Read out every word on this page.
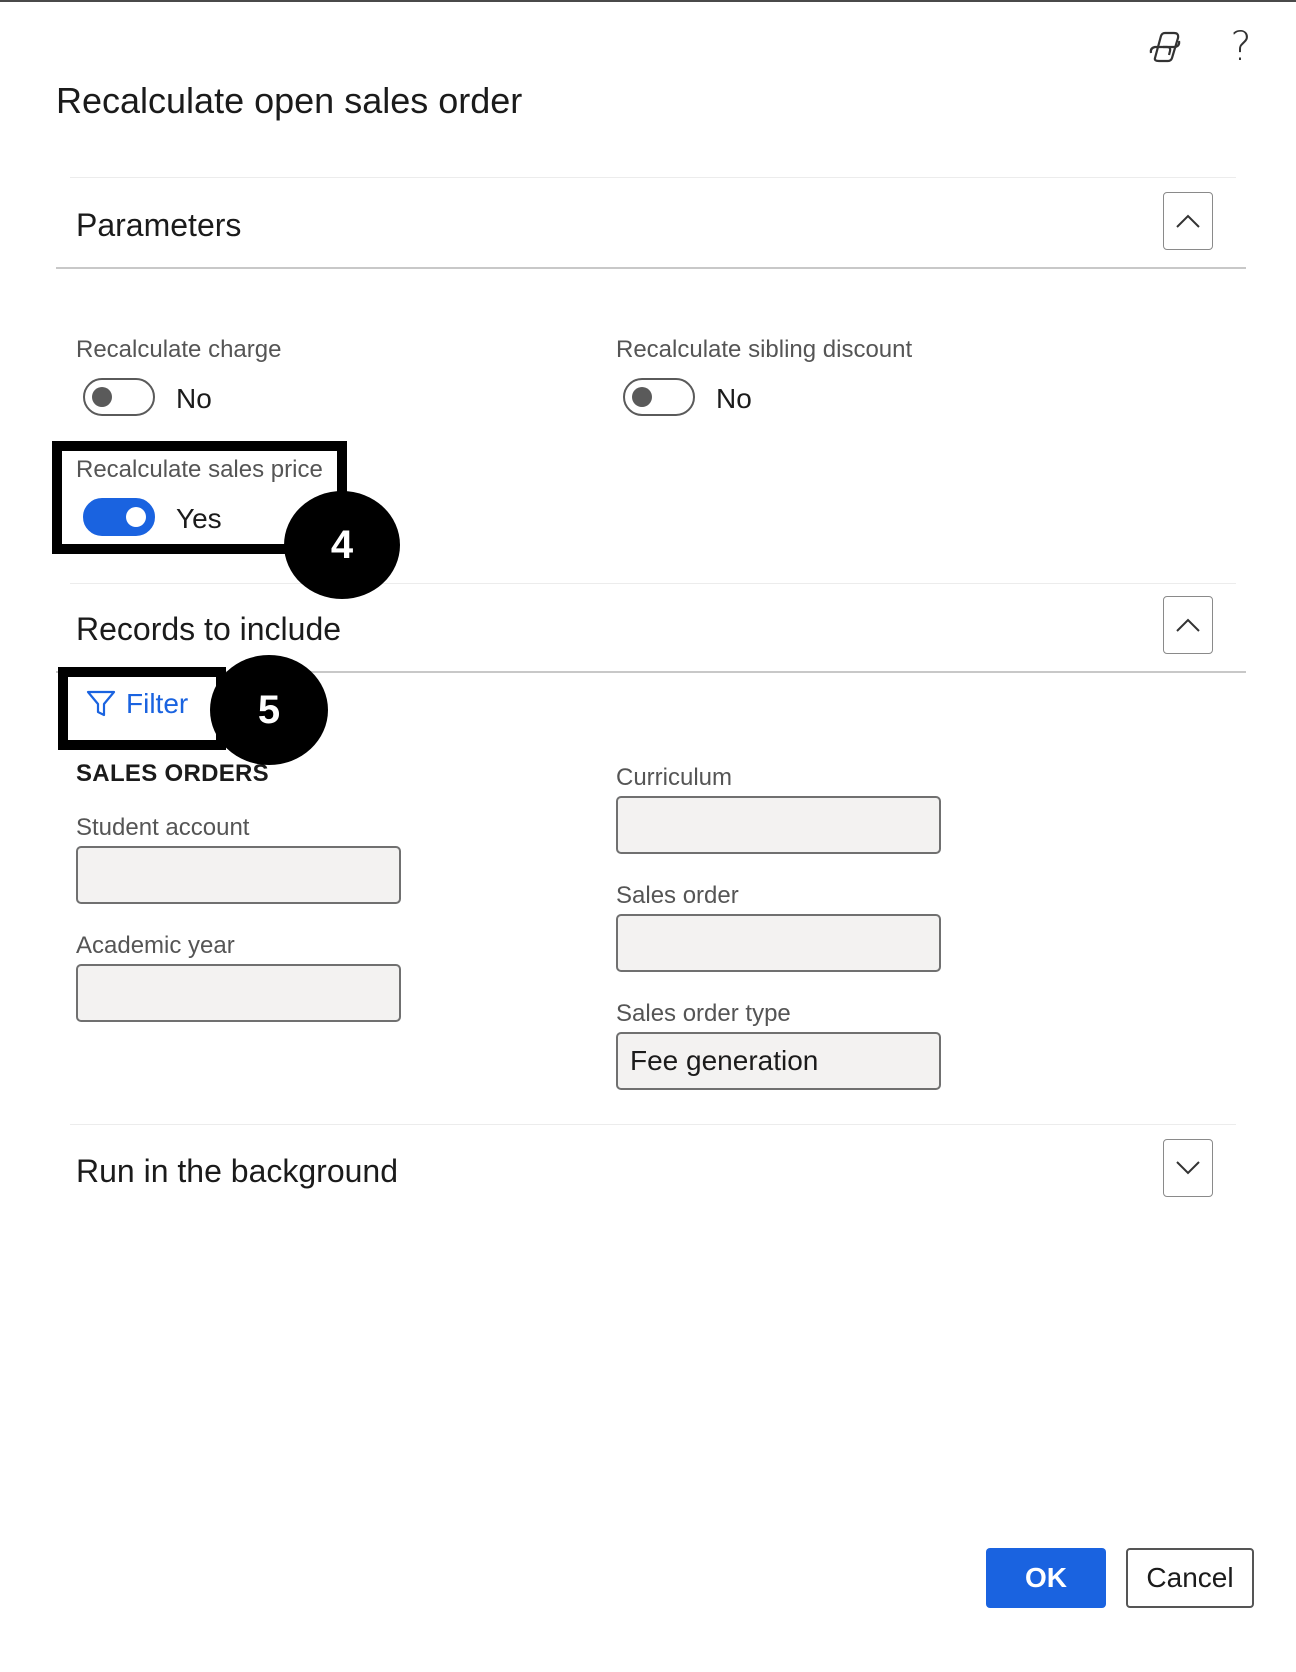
?
Recalculate open sales order
Parameters
Recalculate charge
No
Recalculate sibling discount
No
Recalculate sales price
Yes
Records to include
Filter
SALES ORDERS
Student account
Academic year
Curriculum
Sales order
Sales order type
Fee generation
Run in the background
4
5
OK	Cancel
